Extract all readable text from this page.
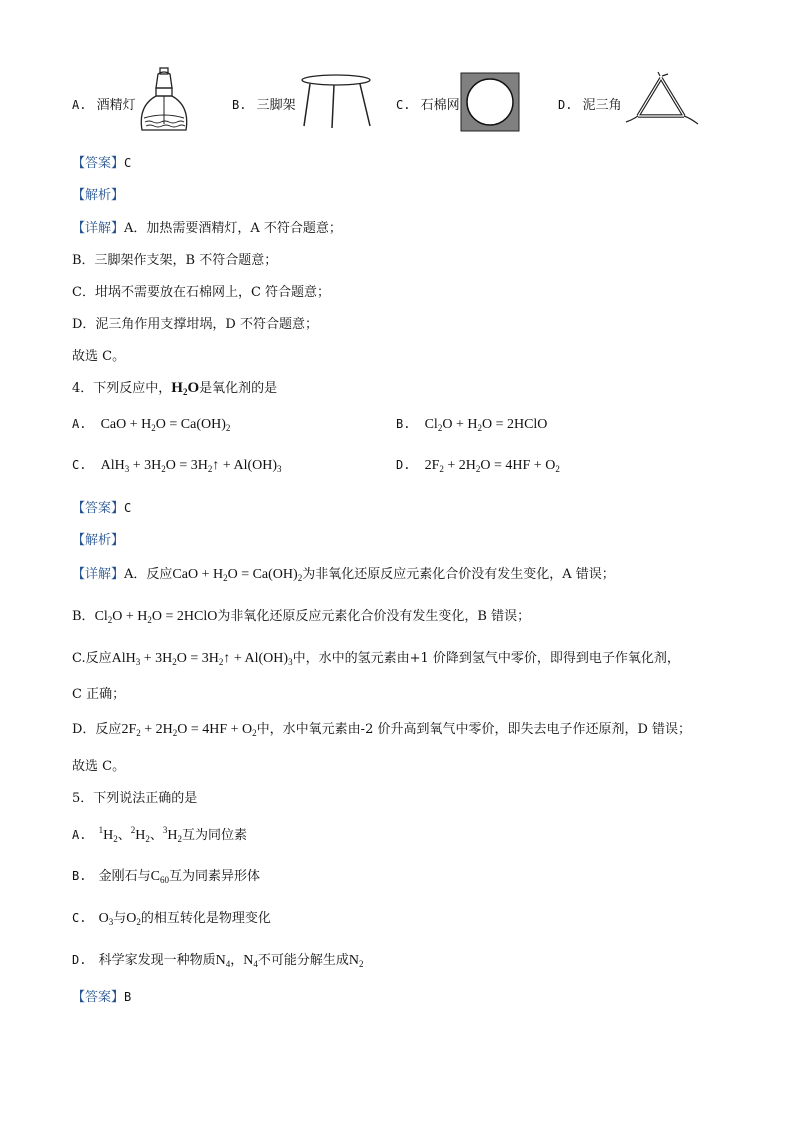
A. 酒精灯	B. 三脚架	C. 石棉网	D. 泥三角
【答案】C
【解析】
【详解】A．加热需要酒精灯，A 不符合题意；
B．三脚架作支架，B 不符合题意；
C．坩埚不需要放在石棉网上，C 符合题意；
D．泥三角作用支撑坩埚，D 不符合题意；
故选 C。
4．下列反应中，$H_2O$是氧化剂的是
A. CaO + $H_2O = Ca(OH)_2$	B. $Cl_2O + H_2O$ = 2HClO
C. $AlH_3 + 3H_2O$ = $3H_2↑ + Al(OH)_3$	D. $2F_2 + 2H_2O = 4HF + O_2$
【答案】C
【解析】
【详解】A．反应CaO + $H_2O = Ca(OH)_2$为非氧化还原反应元素化合价没有发生变化，A 错误；
B．$Cl_2O + H_2O$ = 2HClO为非氧化还原反应元素化合价没有发生变化，B 错误；
C.反应$AlH_3 + 3H_2O$ = $3H_2↑ + Al(OH)_3$中，水中的氢元素由+1 价降到氢气中零价，即得到电子作氧化剂，
C 正确；
D．反应$2F_2 + 2H_2O = 4HF + O_2$中，水中氧元素由-2 价升高到氧气中零价，即失去电子作还原剂，D 错误；
故选 C。
5．下列说法正确的是
A. $^1H_2$、$^2H_2$、$^3H_2$互为同位素
B. 金刚石与$C_{60}$互为同素异形体
C. $O_3$与$O_2$的相互转化是物理变化
D. 科学家发现一种物质$N_4$，$N_4$不可能分解生成$N_2$
【答案】B
